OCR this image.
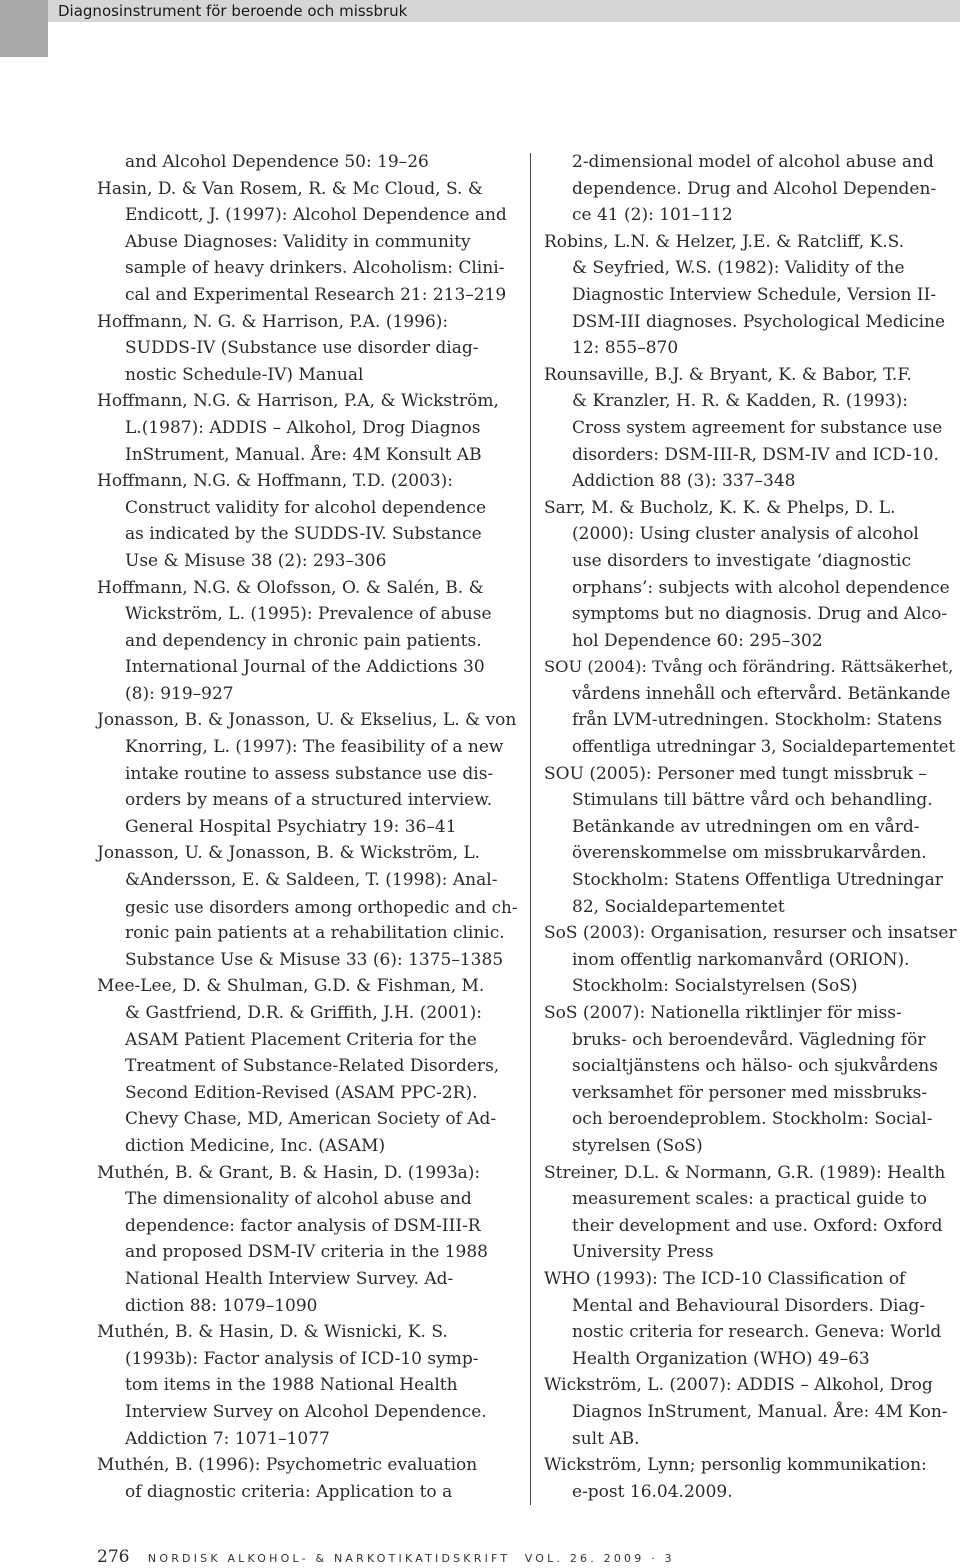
Diagnosinstrument för beroende och missbruk
and Alcohol Dependence 50: 19–26
Hasin, D. & Van Rosem, R. & Mc Cloud, S. &
Endicott, J. (1997): Alcohol Dependence and
Abuse Diagnoses: Validity in community
sample of heavy drinkers. Alcoholism: Clini-
cal and Experimental Research 21: 213–219
Hoffmann, N. G. & Harrison, P.A. (1996):
SUDDS-IV (Substance use disorder diag-
nostic Schedule-IV) Manual
Hoffmann, N.G. & Harrison, P.A, & Wickström,
L.(1987): ADDIS – Alkohol, Drog Diagnos
InStrument, Manual. Åre: 4M Konsult AB
Hoffmann, N.G. & Hoffmann, T.D. (2003):
Construct validity for alcohol dependence
as indicated by the SUDDS-IV. Substance
Use & Misuse 38 (2): 293–306
Hoffmann, N.G. & Olofsson, O. & Salén, B. &
Wickström, L. (1995): Prevalence of abuse
and dependency in chronic pain patients.
International Journal of the Addictions 30
(8): 919–927
Jonasson, B. & Jonasson, U. & Ekselius, L. & von
Knorring, L. (1997): The feasibility of a new
intake routine to assess substance use dis-
orders by means of a structured interview.
General Hospital Psychiatry 19: 36–41
Jonasson, U. & Jonasson, B. & Wickström, L.
&Andersson, E. & Saldeen, T. (1998): Anal-
gesic use disorders among orthopedic and ch-
ronic pain patients at a rehabilitation clinic.
Substance Use & Misuse 33 (6): 1375–1385
Mee-Lee, D. & Shulman, G.D. & Fishman, M.
& Gastfriend, D.R. & Griffith, J.H. (2001):
ASAM Patient Placement Criteria for the
Treatment of Substance-Related Disorders,
Second Edition-Revised (ASAM PPC-2R).
Chevy Chase, MD, American Society of Ad-
diction Medicine, Inc. (ASAM)
Muthén, B. & Grant, B. & Hasin, D. (1993a):
The dimensionality of alcohol abuse and
dependence: factor analysis of DSM-III-R
and proposed DSM-IV criteria in the 1988
National Health Interview Survey. Ad-
diction 88: 1079–1090
Muthén, B. & Hasin, D. & Wisnicki, K. S.
(1993b): Factor analysis of ICD-10 symp-
tom items in the 1988 National Health
Interview Survey on Alcohol Dependence.
Addiction 7: 1071–1077
Muthén, B. (1996): Psychometric evaluation
of diagnostic criteria: Application to a
2-dimensional model of alcohol abuse and
dependence. Drug and Alcohol Dependen-
ce 41 (2): 101–112
Robins, L.N. & Helzer, J.E. & Ratcliff, K.S.
& Seyfried, W.S. (1982): Validity of the
Diagnostic Interview Schedule, Version II-
DSM-III diagnoses. Psychological Medicine
12: 855–870
Rounsaville, B.J. & Bryant, K. & Babor, T.F.
& Kranzler, H. R. & Kadden, R. (1993):
Cross system agreement for substance use
disorders: DSM-III-R, DSM-IV and ICD-10.
Addiction 88 (3): 337–348
Sarr, M. & Bucholz, K. K. & Phelps, D. L.
(2000): Using cluster analysis of alcohol
use disorders to investigate ‘diagnostic
orphans’: subjects with alcohol dependence
symptoms but no diagnosis. Drug and Alco-
hol Dependence 60: 295–302
SOU (2004): Tvång och förändring. Rättsäkerhet,
vårdens innehåll och eftervård. Betänkande
från LVM-utredningen. Stockholm: Statens
offentliga utredningar 3, Socialdepartementet
SOU (2005): Personer med tungt missbruk –
Stimulans till bättre vård och behandling.
Betänkande av utredningen om en vård-
överenskommelse om missbrukarvården.
Stockholm: Statens Offentliga Utredningar
82, Socialdepartementet
SoS (2003): Organisation, resurser och insatser
inom offentlig narkomanvård (ORION).
Stockholm: Socialstyrelsen (SoS)
SoS (2007): Nationella riktlinjer för miss-
bruks- och beroendevård. Vägledning för
socialtjänstens och hälso- och sjukvårdens
verksamhet för personer med missbruks-
och beroendeproblem. Stockholm: Social-
styrelsen (SoS)
Streiner, D.L. & Normann, G.R. (1989): Health
measurement scales: a practical guide to
their development and use. Oxford: Oxford
University Press
WHO (1993): The ICD-10 Classification of
Mental and Behavioural Disorders. Diag-
nostic criteria for research. Geneva: World
Health Organization (WHO) 49–63
Wickström, L. (2007): ADDIS – Alkohol, Drog
Diagnos InStrument, Manual. Åre: 4M Kon-
sult AB.
Wickström, Lynn; personlig kommunikation:
e-post 16.04.2009.
276 NORDISK ALKOHOL- & NARKOTIKATIDSKRIFT VOL. 26. 2009 · 3
